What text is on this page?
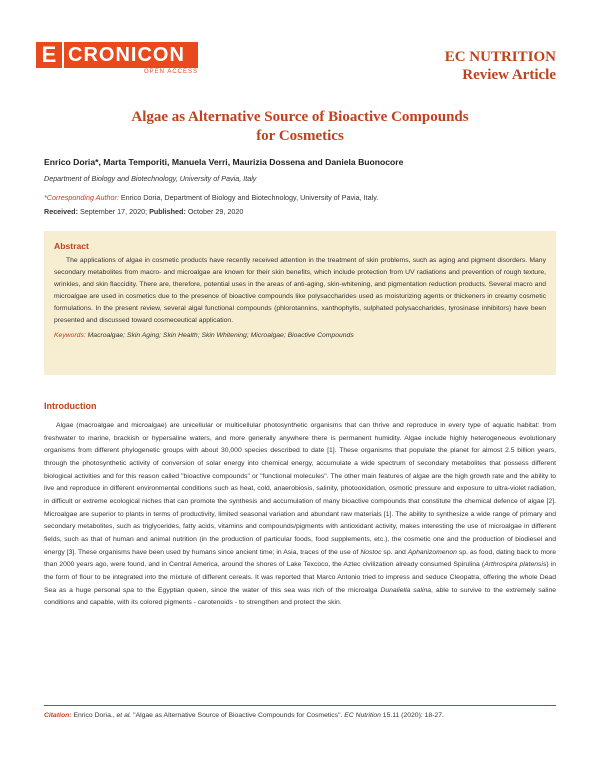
E CRONICON
OPEN ACCESS
EC NUTRITION
Review Article
Algae as Alternative Source of Bioactive Compounds
for Cosmetics
Enrico Doria*, Marta Temporiti, Manuela Verri, Maurizia Dossena and Daniela Buonocore
Department of Biology and Biotechnology, University of Pavia, Italy
*Corresponding Author: Enrico Doria, Department of Biology and Biotechnology, University of Pavia, Italy.
Received: September 17, 2020; Published: October 29, 2020
Abstract

The applications of algae in cosmetic products have recently received attention in the treatment of skin problems, such as aging and pigment disorders. Many secondary metabolites from macro- and microalgae are known for their skin benefits, which include protection from UV radiations and prevention of rough texture, wrinkles, and skin flaccidity. There are, therefore, potential uses in the areas of anti-aging, skin-whitening, and pigmentation reduction products. Several macro and microalgae are used in cosmetics due to the presence of bioactive compounds like polysaccharides used as moisturizing agents or thickeners in creamy cosmetic formulations. In the present review, several algal functional compounds (phlorotannins, xanthophylls, sulphated polysaccharides, tyrosinase inhibitors) have been presented and discussed toward cosmeceutical application.

Keywords: Macroalgae; Skin Aging; Skin Health; Skin Whitening; Microalgae; Bioactive Compounds
Introduction

Algae (macroalgae and microalgae) are unicellular or multicellular photosynthetic organisms that can thrive and reproduce in every type of aquatic habitat: from freshwater to marine, brackish or hypersaline waters, and more generally anywhere there is permanent humidity. Algae include highly heterogeneous evolutionary organisms from different phylogenetic groups with about 30,000 species described to date [1]. These organisms that populate the planet for almost 2.5 billion years, through the photosynthetic activity of conversion of solar energy into chemical energy, accumulate a wide spectrum of secondary metabolites that possess different biological activities and for this reason called "bioactive compounds" or "functional molecules". The other main features of algae are the high growth rate and the ability to live and reproduce in different environmental conditions such as heat, cold, anaerobiosis, salinity, photooxidation, osmotic pressure and exposure to ultra-violet radiation, in difficult or extreme ecological niches that can promote the synthesis and accumulation of many bioactive compounds that constitute the chemical defence of algae [2]. Microalgae are superior to plants in terms of productivity, limited seasonal variation and abundant raw materials [1]. The ability to synthesize a wide range of primary and secondary metabolites, such as triglycerides, fatty acids, vitamins and compounds/pigments with antioxidant activity, makes interesting the use of microalgae in different fields, such as that of human and animal nutrition (in the production of particular foods, food supplements, etc.), the cosmetic one and the production of biodiesel and energy [3]. These organisms have been used by humans since ancient time; in Asia, traces of the use of Nostoc sp. and Aphanizomenon sp. as food, dating back to more than 2000 years ago, were found, and in Central America, around the shores of Lake Texcoco, the Aztec civilization already consumed Spirulina (Arthrospira platensis) in the form of flour to be integrated into the mixture of different cereals. It was reported that Marco Antonio tried to impress and seduce Cleopatra, offering the whole Dead Sea as a huge personal spa to the Egyptian queen, since the water of this sea was rich of the microalga Dunaliella salina, able to survive to the extremely saline conditions and capable, with its colored pigments - carotenoids - to strengthen and protect the skin.

Citation: Enrico Doria., et al. "Algae as Alternative Source of Bioactive Compounds for Cosmetics". EC Nutrition 15.11 (2020): 18-27.
